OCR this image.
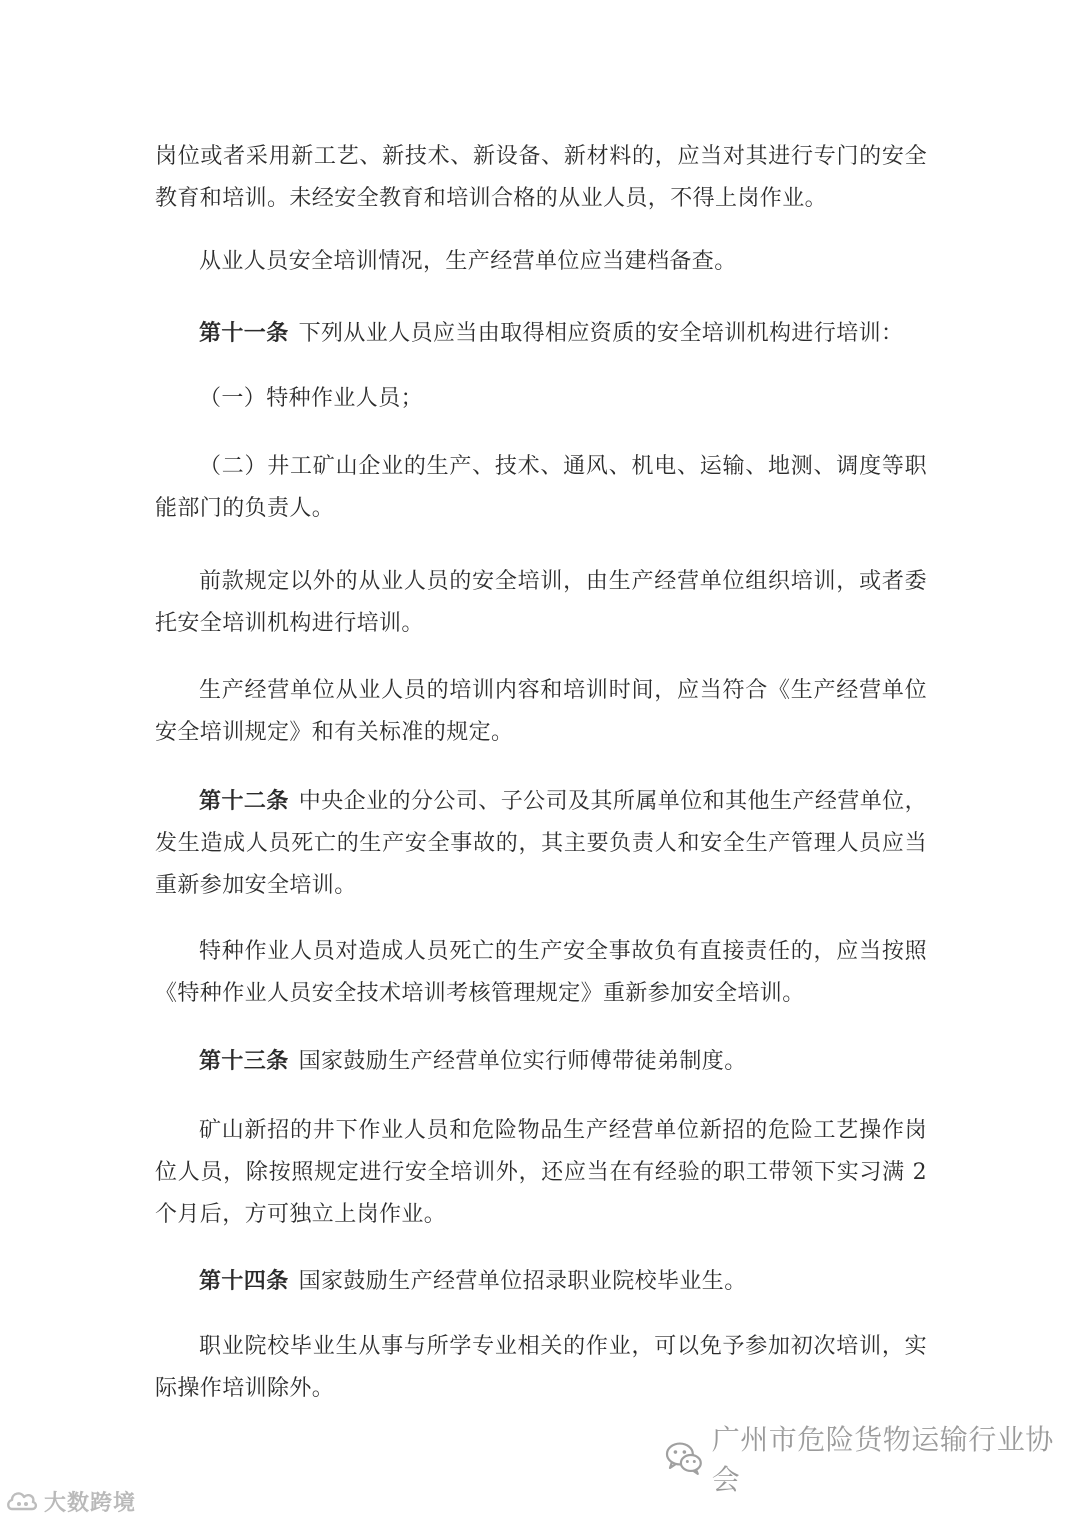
岗位或者采用新工艺、新技术、新设备、新材料的，应当对其进行专门的安全教育和培训。未经安全教育和培训合格的从业人员，不得上岗作业。

从业人员安全培训情况，生产经营单位应当建档备查。

第十一条 下列从业人员应当由取得相应资质的安全培训机构进行培训：

（一）特种作业人员；

（二）井工矿山企业的生产、技术、通风、机电、运输、地测、调度等职能部门的负责人。

前款规定以外的从业人员的安全培训，由生产经营单位组织培训，或者委托安全培训机构进行培训。

生产经营单位从业人员的培训内容和培训时间，应当符合《生产经营单位安全培训规定》和有关标准的规定。

第十二条 中央企业的分公司、子公司及其所属单位和其他生产经营单位，发生造成人员死亡的生产安全事故的，其主要负责人和安全生产管理人员应当重新参加安全培训。

特种作业人员对造成人员死亡的生产安全事故负有直接责任的，应当按照《特种作业人员安全技术培训考核管理规定》重新参加安全培训。

第十三条 国家鼓励生产经营单位实行师傅带徒弟制度。

矿山新招的井下作业人员和危险物品生产经营单位新招的危险工艺操作岗位人员，除按照规定进行安全培训外，还应当在有经验的职工带领下实习满 2 个月后，方可独立上岗作业。

第十四条 国家鼓励生产经营单位招录职业院校毕业生。

职业院校毕业生从事与所学专业相关的作业，可以免予参加初次培训，实际操作培训除外。

广州市危险货物运输行业协会
大数跨境
